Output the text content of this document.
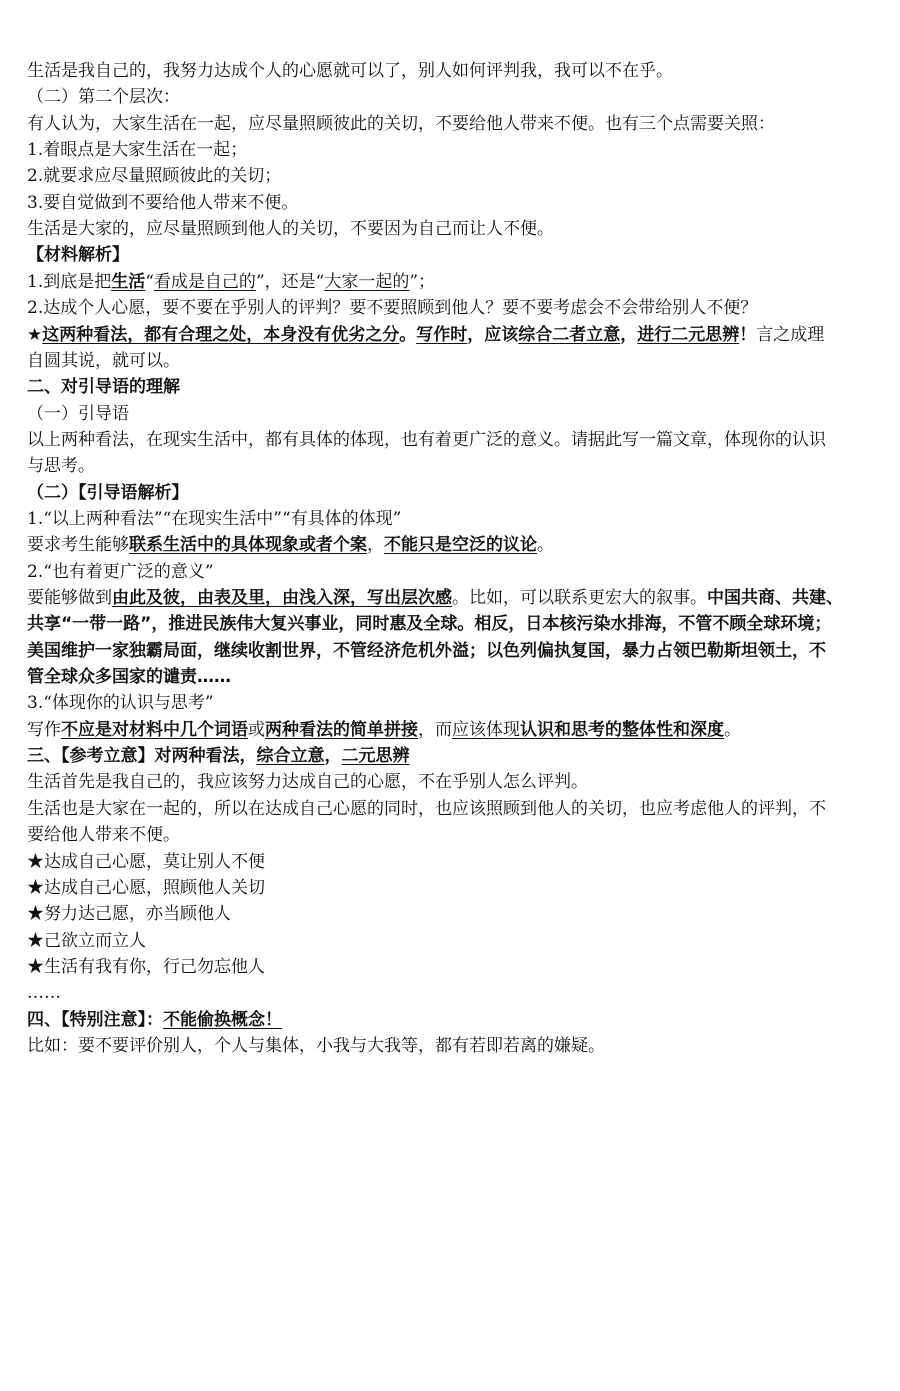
生活是我自己的，我努力达成个人的心愿就可以了，别人如何评判我，我可以不在乎。
（二）第二个层次：
有人认为，大家生活在一起，应尽量照顾彼此的关切，不要给他人带来不便。也有三个点需要关照：
1.着眼点是大家生活在一起；
2.就要求应尽量照顾彼此的关切；
3.要自觉做到不要给他人带来不便。
生活是大家的，应尽量照顾到他人的关切，不要因为自己而让人不便。
【材料解析】
1.到底是把生活“看成是自己的”，还是“大家一起的”；
2.达成个人心愿，要不要在乎别人的评判？要不要照顾到他人？要不要考虑会不会带给别人不便？
★这两种看法，都有合理之处，本身没有优劣之分。写作时，应该综合二者立意，进行二元思辨！言之成理
自圆其说，就可以。
二、对引导语的理解
（一）引导语
以上两种看法，在现实生活中，都有具体的体现，也有着更广泛的意义。请据此写一篇文章，体现你的认识
与思考。
（二）【引导语解析】
1.“以上两种看法”“在现实生活中”“有具体的体现”
要求考生能够联系生活中的具体现象或者个案，不能只是空泛的议论。
2.“也有着更广泛的意义”
要能够做到由此及彼，由表及里，由浅入深，写出层次感。比如，可以联系更宏大的叙事。中国共商、共建、
共享“一带一路”，推进民族伟大复兴事业，同时惠及全球。相反，日本核污染水排海，不管不顾全球环境；
美国维护一家独霸局面，继续收割世界，不管经济危机外溢；以色列偏执复国，暴力占领巴勒斯坦领土，不
管全球众多国家的谴责……
3.“体现你的认识与思考”
写作不应是对材料中几个词语或两种看法的简单拼接，而应该体现认识和思考的整体性和深度。
三、【参考立意】对两种看法，综合立意，二元思辨
生活首先是我自己的，我应该努力达成自己的心愿，不在乎别人怎么评判。
生活也是大家在一起的，所以在达成自己心愿的同时，也应该照顾到他人的关切，也应考虑他人的评判，不
要给他人带来不便。
★达成自己心愿，莫让别人不便
★达成自己心愿，照顾他人关切
★努力达己愿，亦当顾他人
★己欲立而立人
★生活有我有你，行己勿忘他人
……
四、【特别注意】：不能偷换概念！
比如：要不要评价别人，个人与集体，小我与大我等，都有若即若离的嫌疑。
